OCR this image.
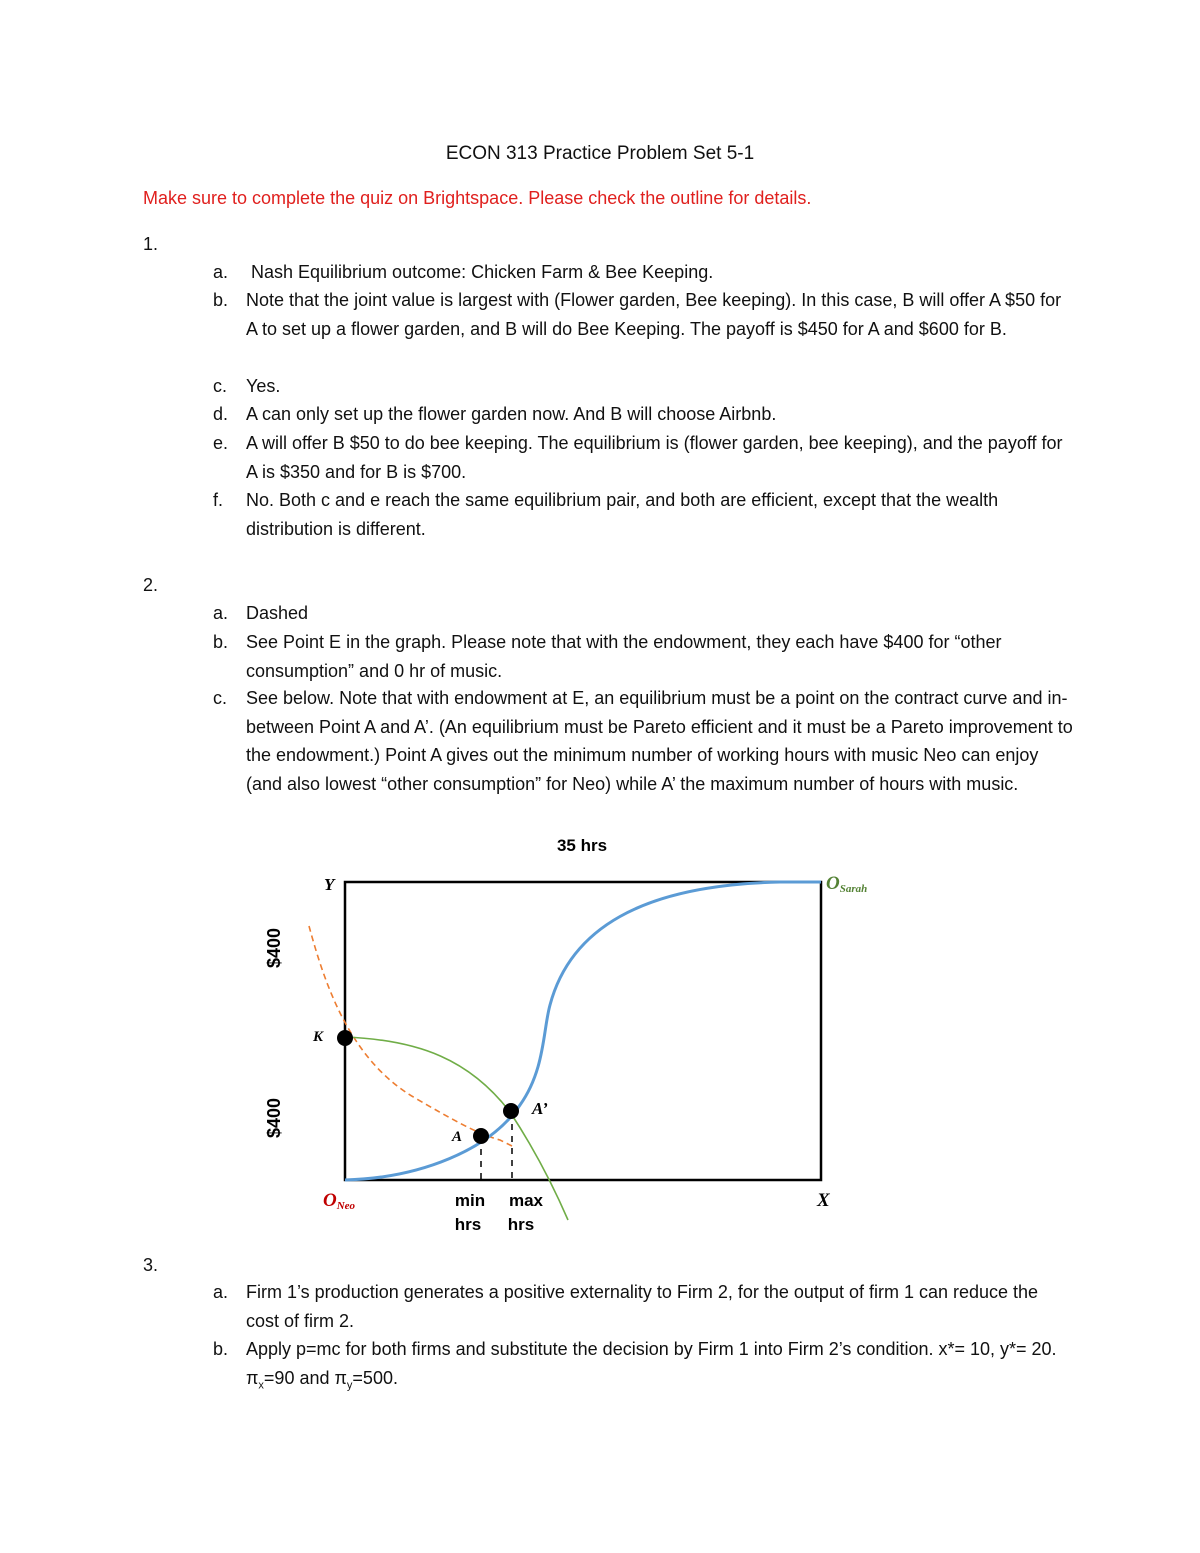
ECON 313 Practice Problem Set 5-1
Make sure to complete the quiz on Brightspace. Please check the outline for details.
1.
a. Nash Equilibrium outcome: Chicken Farm & Bee Keeping.
b. Note that the joint value is largest with (Flower garden, Bee keeping). In this case, B will offer A $50 for A to set up a flower garden, and B will do Bee Keeping. The payoff is $450 for A and $600 for B.
c.	Yes.
d. A can only set up the flower garden now. And B will choose Airbnb.
e. A will offer B $50 to do bee keeping. The equilibrium is (flower garden, bee keeping), and the payoff for A is $350 and for B is $700.
f.	No. Both c and e reach the same equilibrium pair, and both are efficient, except that the wealth distribution is different.
2.
a. Dashed
b. See Point E in the graph. Please note that with the endowment, they each have $400 for “other consumption” and 0 hr of music.
c.	See below. Note that with endowment at E, an equilibrium must be a point on the contract curve and in-between Point A and A’. (An equilibrium must be Pareto efficient and it must be a Pareto improvement to the endowment.) Point A gives out the minimum number of working hours with music Neo can enjoy (and also lowest “other consumption” for Neo) while A’ the maximum number of hours with music.
35 hrs
Y
X
$400
$400
K
A
A’
ONeo
OSarah
min
hrs
max
hrs
3.
a. Firm 1’s production generates a positive externality to Firm 2, for the output of firm 1 can reduce the cost of firm 2.
b. Apply p=mc for both firms and substitute the decision by Firm 1 into Firm 2’s condition. x*= 10, y*= 20. $\pi_x=90$ and $\pi_y=500$.
